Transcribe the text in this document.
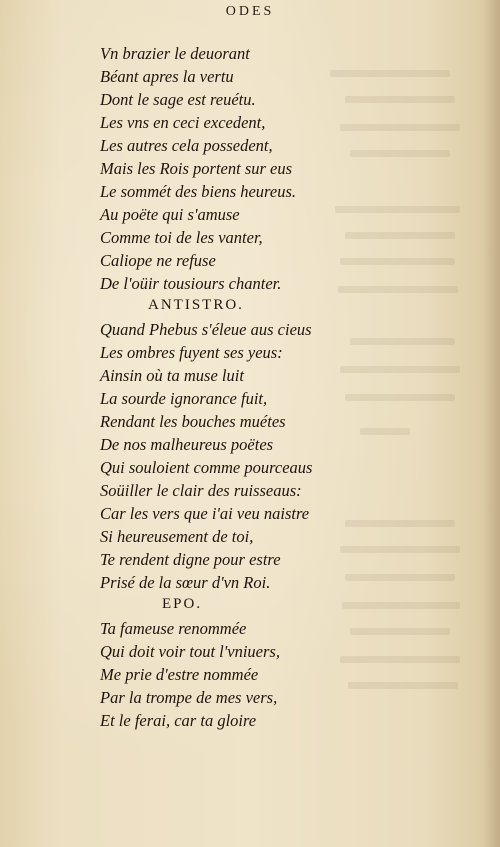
ODES
Vn brazier le deuorant
Béant apres la vertu
Dont le sage est reuétu.
Les vns en ceci excedent,
Les autres cela possedent,
Mais les Rois portent sur eus
Le sommét des biens heureus.
Au poëte qui s'amuse
Comme toi de les vanter,
Caliope ne refuse
De l'oüir tousiours chanter.
ANTISTRO.
Quand Phebus s'éleue aus cieus
Les ombres fuyent ses yeus:
Ainsin où ta muse luit
La sourde ignorance fuit,
Rendant les bouches muétes
De nos malheureus poëtes
Qui souloient comme pourceaus
Soüiller le clair des ruisseaus:
Car les vers que i'ai veu naistre
Si heureusement de toi,
Te rendent digne pour estre
Prisé de la sœur d'vn Roi.
EPO.
Ta fameuse renommée
Qui doit voir tout l'vniuers,
Me prie d'estre nommée
Par la trompe de mes vers,
Et le ferai, car ta gloire
